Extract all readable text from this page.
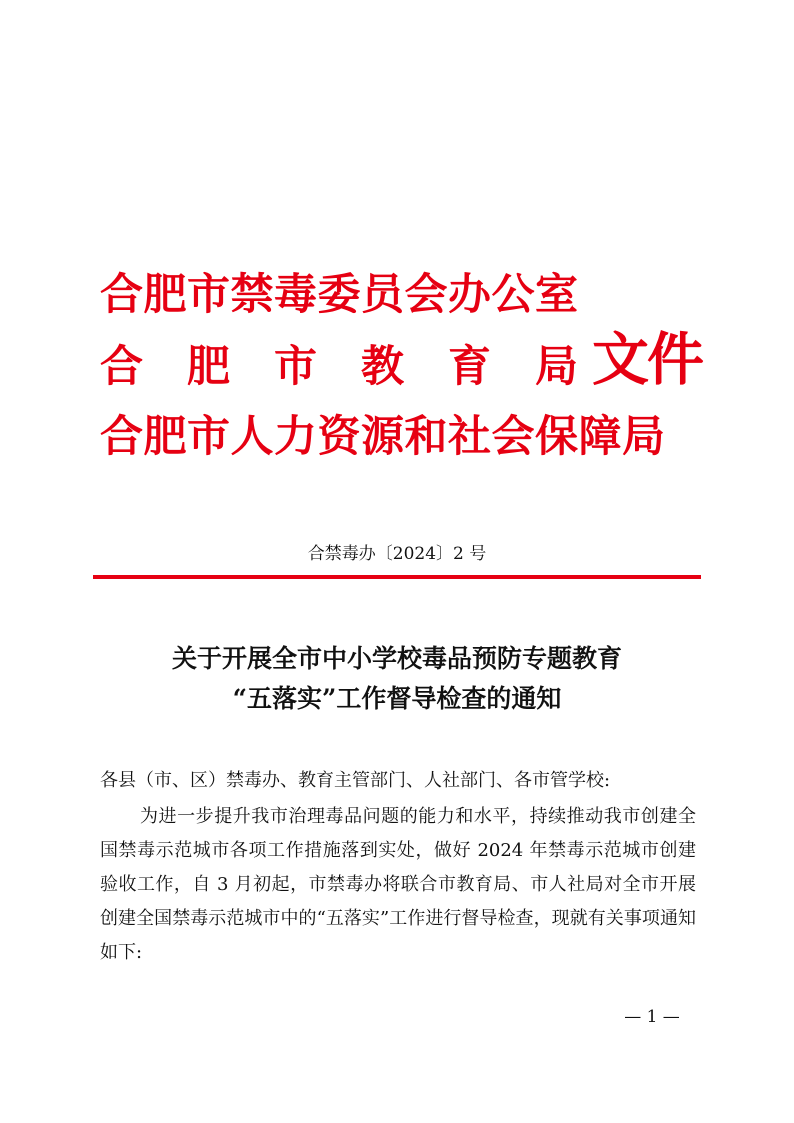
合肥市禁毒委员会办公室
合 肥 市 教 育 局
合肥市人力资源和社会保障局
文件
合禁毒办〔2024〕2 号
关于开展全市中小学校毒品预防专题教育
“五落实”工作督导检查的通知
各县（市、区）禁毒办、教育主管部门、人社部门、各市管学校:
为进一步提升我市治理毒品问题的能力和水平，持续推动我市创建全国禁毒示范城市各项工作措施落到实处，做好 2024 年禁毒示范城市创建验收工作，自 3 月初起，市禁毒办将联合市教育局、市人社局对全市开展创建全国禁毒示范城市中的“五落实”工作进行督导检查，现就有关事项通知如下:
— 1 —
